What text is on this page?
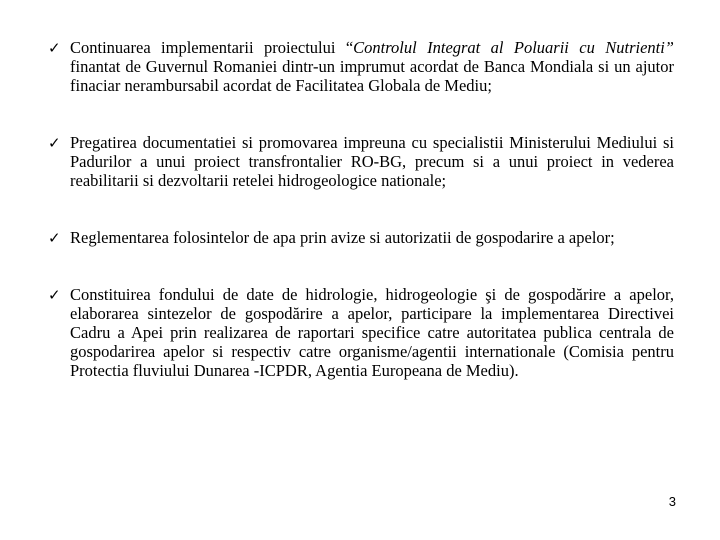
✓ Continuarea implementarii proiectului “Controlul Integrat al Poluarii cu Nutrienti” finantat de Guvernul Romaniei dintr-un imprumut acordat de Banca Mondiala si un ajutor finaciar nerambursabil acordat de Facilitatea Globala de Mediu;
✓ Pregatirea documentatiei si promovarea impreuna cu specialistii Ministerului Mediului si Padurilor a unui proiect transfrontalier RO-BG, precum si a unui proiect in vederea reabilitarii si dezvoltarii retelei hidrogeologice nationale;
✓ Reglementarea folosintelor de apa prin avize si autorizatii de gospodarire a apelor;
✓ Constituirea fondului de date de hidrologie, hidrogeologie şi de gospodărire a apelor, elaborarea sintezelor de gospodărire a apelor, participare la implementarea Directivei Cadru a Apei prin realizarea de raportari specifice catre autoritatea publica centrala de gospodarirea apelor si respectiv catre organisme/agentii internationale (Comisia pentru Protectia fluviului Dunarea -ICPDR, Agentia Europeana de Mediu).
3
